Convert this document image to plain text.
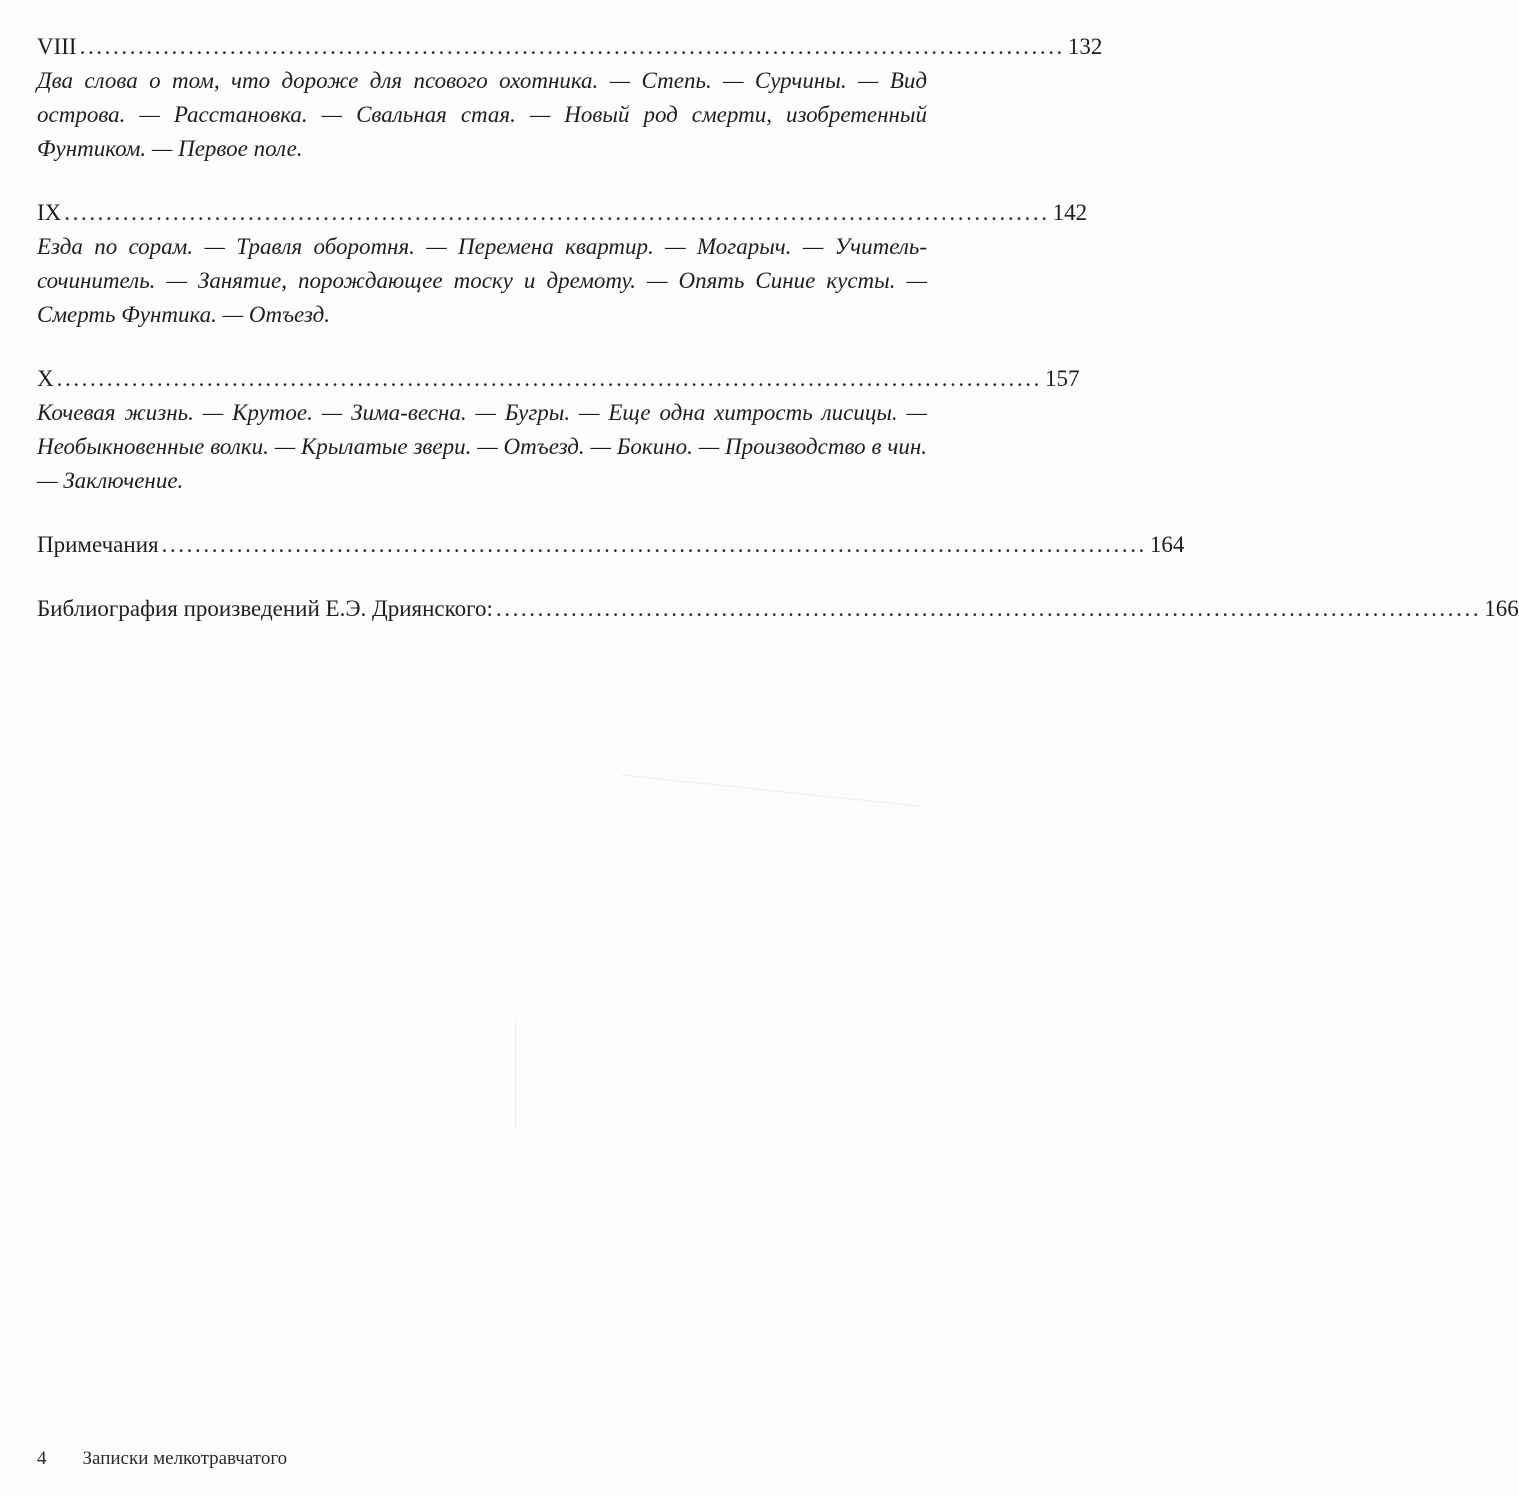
VIII ...................................................................................................................... 132

Два слова о том, что дороже для псового охотника. — Степь. — Сурчины. — Вид острова. — Расстановка. — Свальная стая. — Новый род смерти, изобретенный Фунтиком. — Первое поле.

IX ...................................................................................................................... 142

Езда по сорам. — Травля оборотня. — Перемена квартир. — Могарыч. — Учитель-сочинитель. — Занятие, порождающее тоску и дремоту. — Опять Синие кусты. — Смерть Фунтика. — Отъезд.

X ...................................................................................................................... 157

Кочевая жизнь. — Крутое. — Зима-весна. — Бугры. — Еще одна хитрость лисицы. — Необыкновенные волки. — Крылатые звери. — Отъезд. — Бокино. — Производство в чин. — Заключение.

Примечания ...................................................................................................................... 164
Библиография произведений Е.Э. Дриянского: ...................................................................................................................... 166
4 Записки мелкотравчатого
